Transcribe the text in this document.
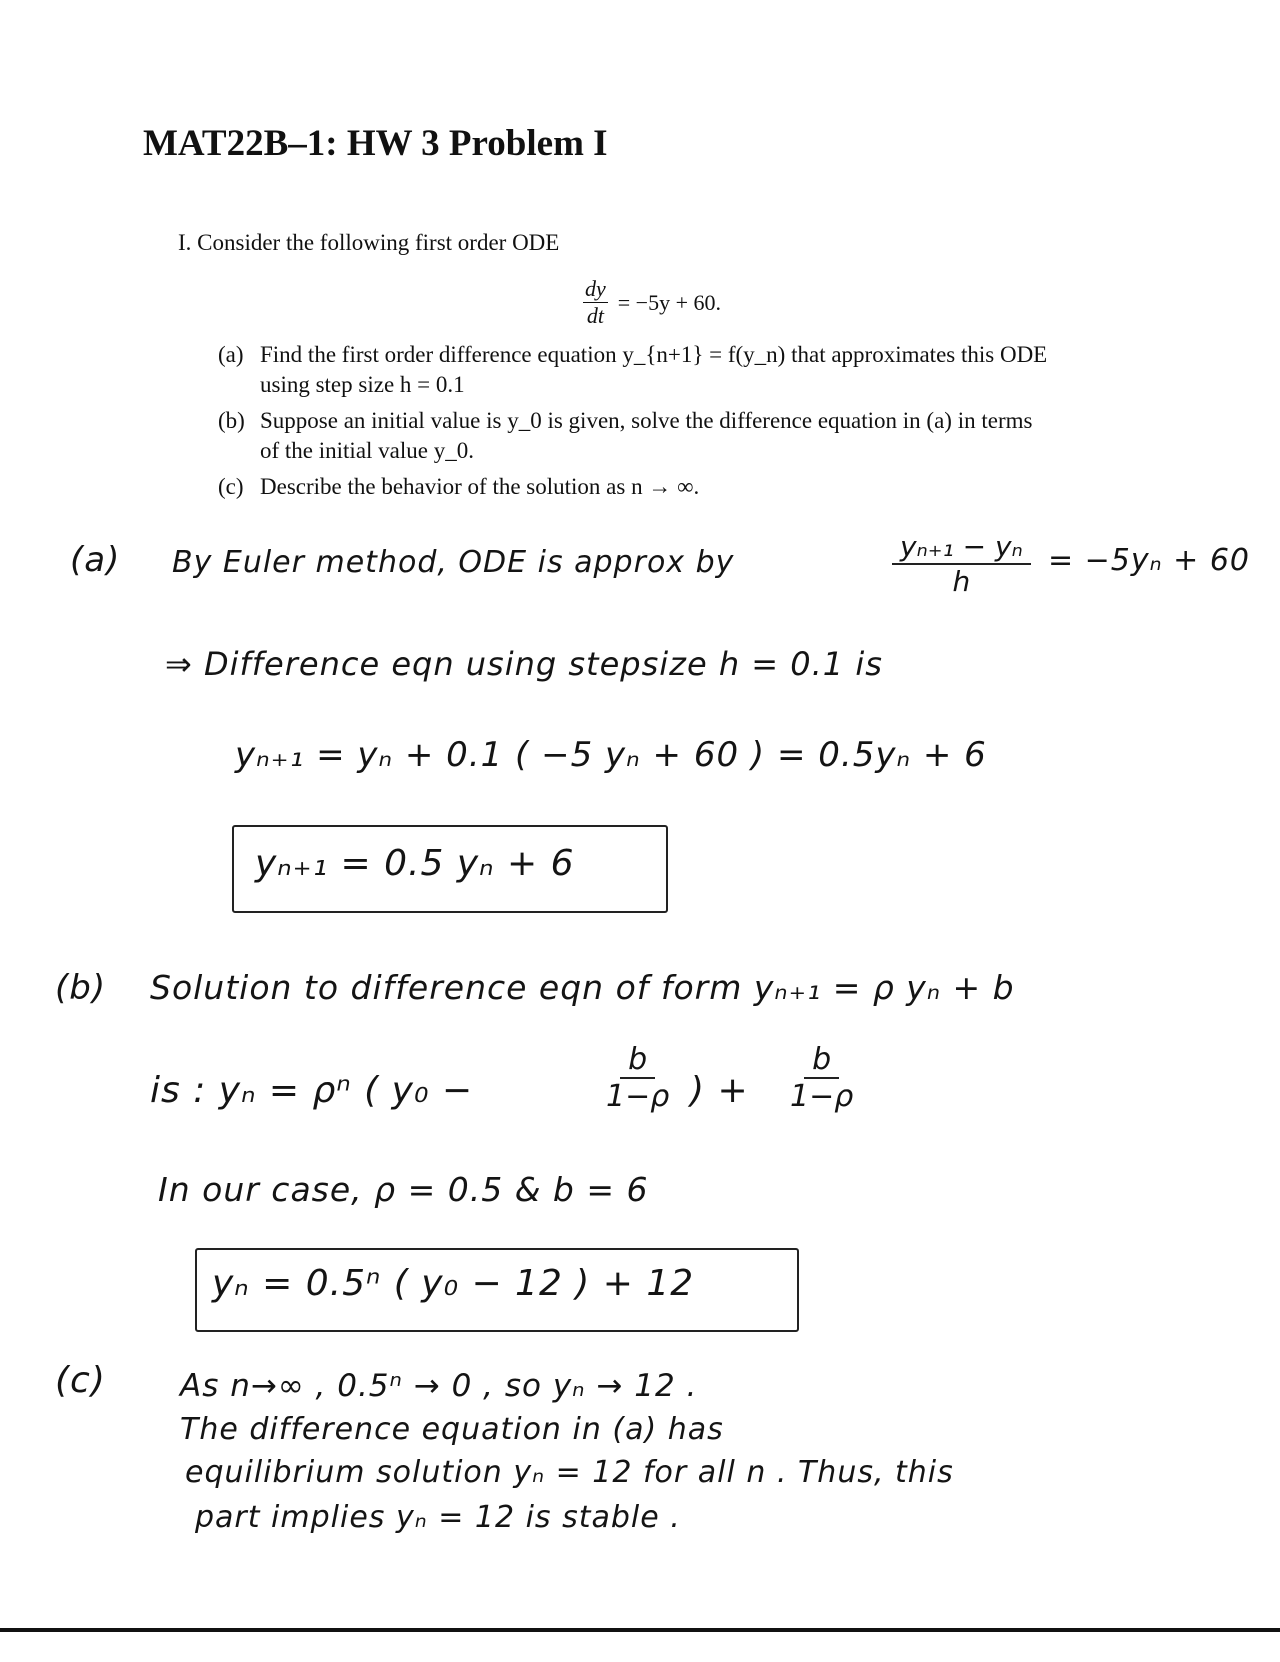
MAT22B–1: HW 3 Problem I
I. Consider the following first order ODE
$\frac{dy}{dt} = -5y + 60$.
(a) Find the first order difference equation y_{n+1} = f(y_n) that approximates this ODE
using step size h = 0.1
(b) Suppose an initial value is y_0 is given, solve the difference equation in (a) in terms
of the initial value y_0.
(c) Describe the behavior of the solution as n → ∞.
(a) By Euler method, ODE is approx by	$\frac{\text{yₙ₊₁ − yₙ}}{h} = -5y_n + 60$
⇒ Difference eqn using stepsize h = 0.1 is
yₙ₊₁ = yₙ + 0.1 ( −5 yₙ + 60 ) = 0.5yₙ + 6
yₙ₊₁ = 0.5 yₙ + 6
(b) Solution to difference eqn of form yₙ₊₁ = ρ yₙ + b
is : yₙ = ρⁿ ( y₀ −	$\frac{b}{1-\rho}$ ) + $\frac{b}{1-\rho}$
In our case, ρ = 0.5 & b = 6
yₙ = 0.5ⁿ ( y₀ − 12 ) + 12
(c) As n→∞ , 0.5ⁿ → 0 , so yₙ → 12 .
The difference equation in (a) has
equilibrium solution yₙ = 12 for all n . Thus, this
part implies yₙ = 12 is stable .
